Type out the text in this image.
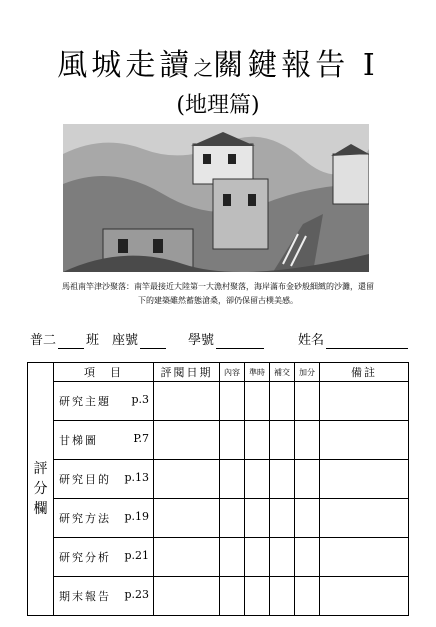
風城走讀之關鍵報告 I
(地理篇)
馬祖南竿津沙聚落：南竿最接近大陸第一大漁村聚落，海岸滿布金砂般細緻的沙灘，還留
下的建築雖然蓄態滄桑，卻仍保留古樸美感。
普二 班 座號	學號	姓名
評
分
欄	項　目	評閱日期	內容	準時	補交	加分	備註
	研究主題 p.3						

	甘梯圖 P.7						

	研究目的 p.13						

	研究方法 p.19						

	研究分析 p.21						

	期末報告 p.23						
